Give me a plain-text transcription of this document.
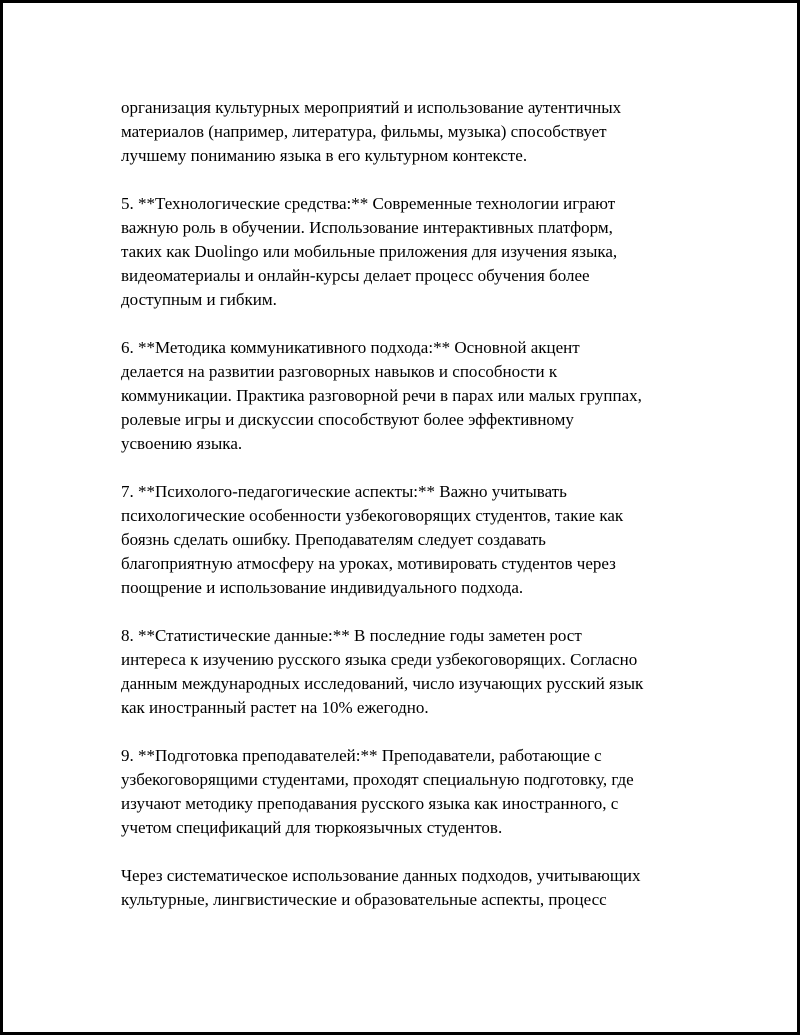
организация культурных мероприятий и использование аутентичных
материалов (например, литература, фильмы, музыка) способствует
лучшему пониманию языка в его культурном контексте.

5. **Технологические средства:** Современные технологии играют
важную роль в обучении. Использование интерактивных платформ,
таких как Duolingo или мобильные приложения для изучения языка,
видеоматериалы и онлайн-курсы делает процесс обучения более
доступным и гибким.

6. **Методика коммуникативного подхода:** Основной акцент
делается на развитии разговорных навыков и способности к
коммуникации. Практика разговорной речи в парах или малых группах,
ролевые игры и дискуссии способствуют более эффективному
усвоению языка.

7. **Психолого-педагогические аспекты:** Важно учитывать
психологические особенности узбекоговорящих студентов, такие как
боязнь сделать ошибку. Преподавателям следует создавать
благоприятную атмосферу на уроках, мотивировать студентов через
поощрение и использование индивидуального подхода.

8. **Статистические данные:** В последние годы заметен рост
интереса к изучению русского языка среди узбекоговорящих. Согласно
данным международных исследований, число изучающих русский язык
как иностранный растет на 10% ежегодно.

9. **Подготовка преподавателей:** Преподаватели, работающие с
узбекоговорящими студентами, проходят специальную подготовку, где
изучают методику преподавания русского языка как иностранного, с
учетом спецификаций для тюркоязычных студентов.

Через систематическое использование данных подходов, учитывающих
культурные, лингвистические и образовательные аспекты, процесс
